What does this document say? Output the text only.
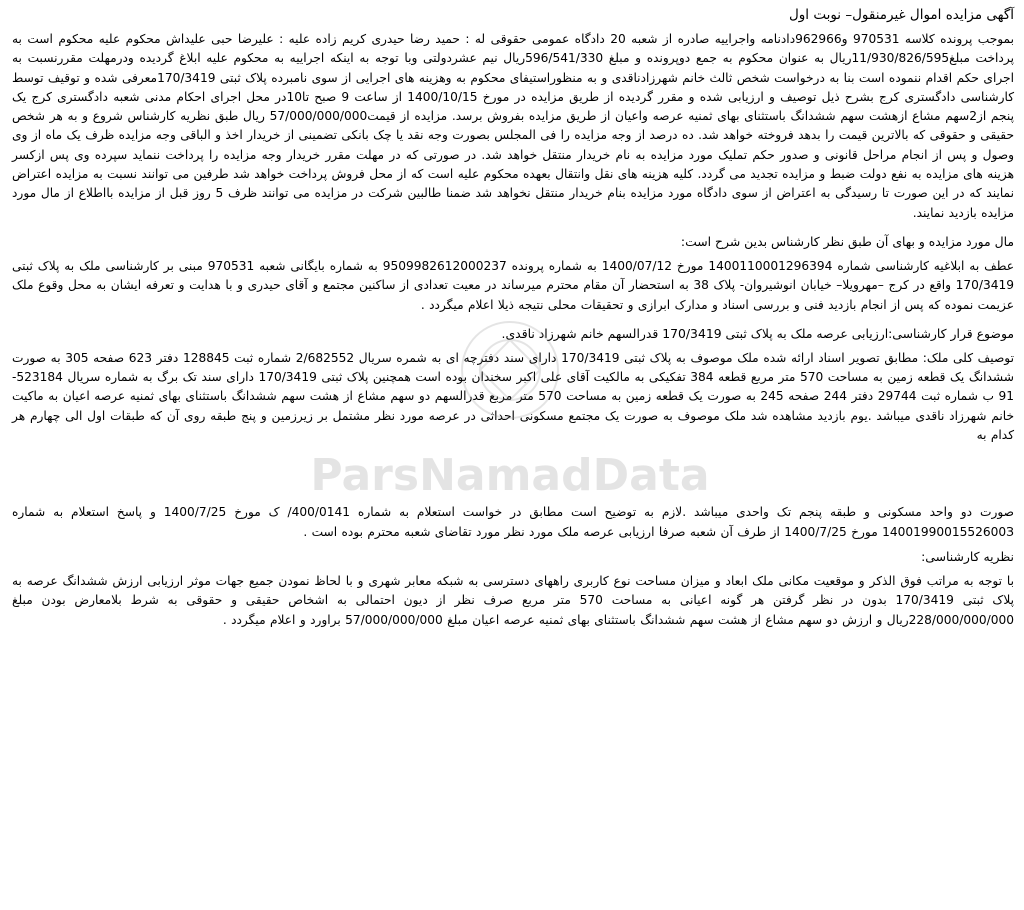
ParsNamadData
آگهی مزایده اموال غیرمنقول– نوبت اول

بموجب پرونده کلاسه 970531 و962966دادنامه واجراییه صادره از شعبه 20 دادگاه عمومی حقوقی له : حمید رضا حیدری کریم زاده علیه : علیرضا حبی علیداش محکوم علیه محکوم است به پرداخت مبلغ11/930/826/595ریال به عنوان محکوم به جمع دوپرونده و مبلغ 596/541/330ریال نیم عشردولتی وبا توجه به اینکه اجراییه به محکوم علیه ابلاغ گردیده ودرمهلت مقررنسبت به اجرای حکم اقدام ننموده است بنا به درخواست شخص ثالث خانم شهرزادناقدی و به منظوراستیفای محکوم به وهزینه های اجرایی از سوی نامبرده پلاک ثبتی 170/3419معرفی شده و توقیف توسط کارشناسی دادگستری کرج بشرح ذیل توصیف و ارزیابی شده و مقرر گردیده از طریق مزایده در مورخ 1400/10/15 از ساعت 9 صبح تا10در محل اجرای احکام مدنی شعبه دادگستری کرج یک پنجم از2سهم مشاع ازهشت سهم ششدانگ باستثنای بهای ثمنیه عرصه واعیان از طریق مزایده بفروش برسد. مزایده از قیمت57/000/000/000 ریال طبق نظریه کارشناس شروع و به هر شخص حقیقی و حقوقی که بالاترین قیمت را بدهد فروخته خواهد شد. ده درصد از وجه مزایده را فی المجلس بصورت وجه نقد یا چک بانکی تضمینی از خریدار اخذ و الباقی وجه مزایده ظرف یک ماه از وی وصول و پس از انجام مراحل قانونی و صدور حکم تملیک مورد مزایده به نام خریدار منتقل خواهد شد. در صورتی که در مهلت مقرر خریدار وجه مزایده را پرداخت ننماید سپرده وی پس ازکسر هزینه های مزایده به نفع دولت ضبط و مزایده تجدید می گردد. کلیه هزینه های نقل وانتقال بعهده محکوم علیه است که از محل فروش پرداخت خواهد شد طرفین می توانند نسبت به مزایده اعتراض نمایند که در این صورت تا رسیدگی به اعتراض از سوی دادگاه مورد مزایده بنام خریدار منتقل نخواهد شد ضمنا طالبین شرکت در مزایده می توانند ظرف 5 روز قبل از مزایده بااطلاع از مال مورد مزایده بازدید نمایند.

مال مورد مزایده و بهای آن طبق نظر کارشناس بدین شرح است:

عطف به ابلاغیه کارشناسی شماره 1400110001296394 مورخ 1400/07/12 به شماره پرونده 9509982612000237 به شماره بایگانی شعبه 970531 مبنی بر کارشناسی ملک به پلاک ثبتی 170/3419 واقع در کرج –مهرویلا– خیابان انوشیروان- پلاک 38 به استحضار آن مقام محترم میرساند در معیت تعدادی از ساکنین مجتمع و آقای حیدری و با هدایت و تعرفه ایشان به محل وقوع ملک عزیمت نموده که پس از انجام بازدید فنی و بررسی اسناد و مدارک ابرازی و تحقیقات محلی نتیجه ذیلا اعلام میگردد .

موضوع قرار کارشناسی:ارزیابی عرصه ملک به پلاک ثبتی 170/3419 قدرالسهم خانم شهرزاد ناقدی.

توصیف کلی ملک: مطابق تصویر اسناد ارائه شده ملک موصوف به پلاک ثبتی 170/3419 دارای سند دفترچه ای به شمره سریال 2/682552 شماره ثبت 128845 دفتر 623 صفحه 305 به صورت ششدانگ یک قطعه زمین به مساحت 570 متر مربع قطعه 384 تفکیکی به مالکیت آقای علی اکبر سخندان بوده است همچنین پلاک ثبتی 170/3419 دارای سند تک برگ به شماره سریال 523184-91 ب شماره ثبت 29744 دفتر 244 صفحه 245 به صورت یک قطعه زمین به مساحت 570 متر مربع قدرالسهم دو سهم مشاع از هشت سهم ششدانگ باستثنای بهای ثمنیه عرصه اعیان به ماکیت خانم شهرزاد ناقدی میباشد .یوم بازدید مشاهده شد ملک موصوف به صورت یک مجتمع مسکونی احداثی در عرصه مورد نظر مشتمل بر زیرزمین و پنج طبقه روی آن که طبقات اول الی چهارم هر کدام به

صورت دو واحد مسکونی و طبقه پنجم تک واحدی میباشد .لازم به توضیح است مطابق در خواست استعلام به شماره 400/0141/ ک مورخ 1400/7/25 و پاسخ استعلام به شماره 1400199001552600З مورخ 1400/7/25 از طرف آن شعبه صرفا ارزیابی عرصه ملک مورد نظر مورد تقاضای شعبه محترم بوده است .

نظریه کارشناسی:

با توجه به مراتب فوق الذکر و موقعیت مکانی ملک ابعاد و میزان مساحت نوع کاربری راههای دسترسی به شبکه معابر شهری و با لحاظ نمودن جمیع جهات موثر ارزیابی ارزش ششدانگ عرصه به پلاک ثبتی 170/3419 بدون در نظر گرفتن هر گونه اعیانی به مساحت 570 متر مربع صرف نظر از دیون احتمالی به اشخاص حقیقی و حقوقی به شرط بلامعارض بودن مبلغ 228/000/000/000ریال و ارزش دو سهم مشاع از هشت سهم ششدانگ باستثنای بهای ثمنیه عرصه اعیان مبلغ 57/000/000/000 براورد و اعلام میگردد .
